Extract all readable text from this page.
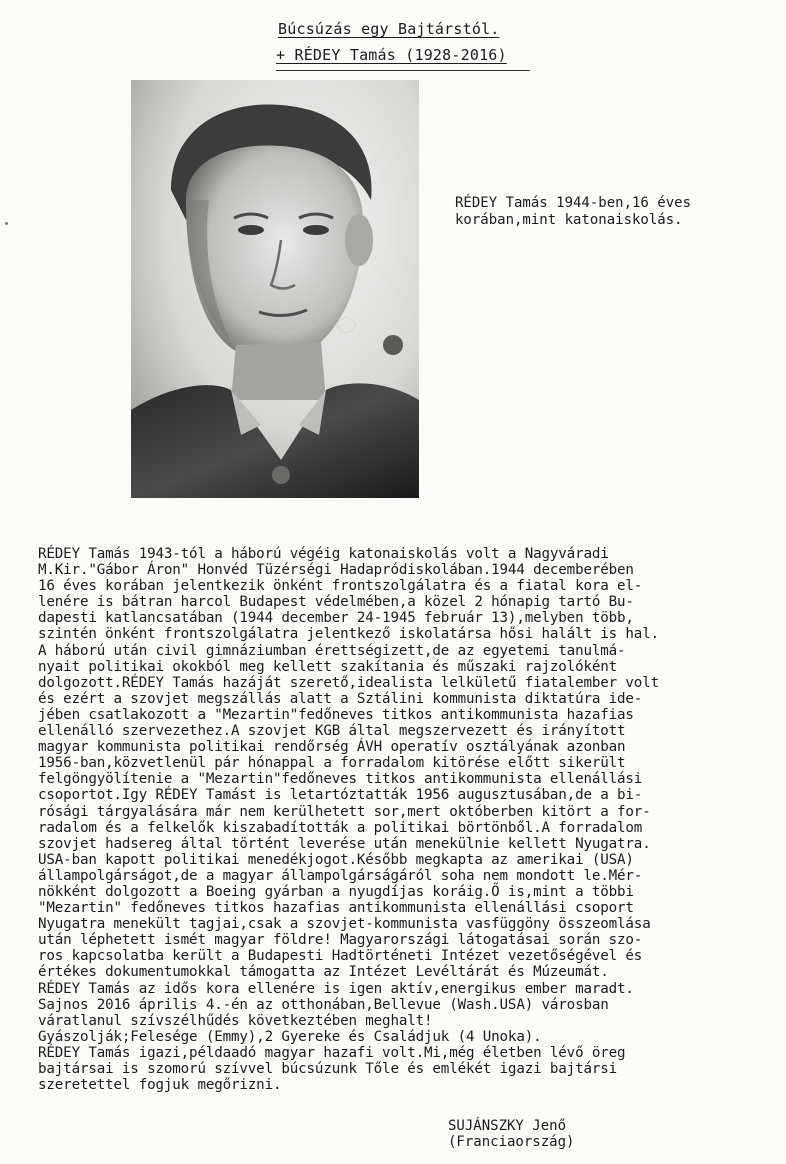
Búcsúzás egy Bajtárstól.
+ RÉDEY Tamás (1928-2016)
RÉDEY Tamás 1944-ben,16 éves
korában,mint katonaiskolás.
RÉDEY Tamás 1943-tól a háború végéig katonaiskolás volt a Nagyváradi
M.Kir."Gábor Áron" Honvéd Tüzérségi Hadapródiskolában.1944 decemberében
16 éves korában jelentkezik önként frontszolgálatra és a fiatal kora el-
lenére is bátran harcol Budapest védelmében,a közel 2 hónapig tartó Bu-
dapesti katlancsatában (1944 december 24-1945 február 13),melyben több,
szintén önként frontszolgálatra jelentkező iskolatársa hősi halált is hal.
A háború után civil gimnáziumban érettségizett,de az egyetemi tanulmá-
nyait politikai okokból meg kellett szakítania és műszaki rajzolóként
dolgozott.RÉDEY Tamás hazáját szerető,idealista lelkületű fiatalember volt
és ezért a szovjet megszállás alatt a Sztálini kommunista diktatúra ide-
jében csatlakozott a "Mezartin"fedőneves titkos antikommunista hazafias
ellenálló szervezethez.A szovjet KGB által megszervezett és irányított
magyar kommunista politikai rendőrség ÁVH operatív osztályának azonban
1956-ban,közvetlenül pár hónappal a forradalom kitörése előtt sikerült
felgöngyölítenie a "Mezartin"fedőneves titkos antikommunista ellenállási
csoportot.Igy RÉDEY Tamást is letartóztatták 1956 augusztusában,de a bi-
rósági tárgyalására már nem kerülhetett sor,mert októberben kitört a for-
radalom és a felkelők kiszabadították a politikai börtönből.A forradalom
szovjet hadsereg által történt leverése után menekülnie kellett Nyugatra.
USA-ban kapott politikai menedékjogot.Később megkapta az amerikai (USA)
állampolgárságot,de a magyar állampolgárságáról soha nem mondott le.Mér-
nökként dolgozott a Boeing gyárban a nyugdíjas koráig.Ő is,mint a többi
"Mezartin" fedőneves titkos hazafias antikommunista ellenállási csoport
Nyugatra menekült tagjai,csak a szovjet-kommunista vasfüggöny összeomlása
után léphetett ismét magyar földre! Magyarországi látogatásai során szo-
ros kapcsolatba került a Budapesti Hadtörténeti Intézet vezetőségével és
értékes dokumentumokkal támogatta az Intézet Levéltárát és Múzeumát.
RÉDEY Tamás az idős kora ellenére is igen aktív,energikus ember maradt.
Sajnos 2016 április 4.-én az otthonában,Bellevue (Wash.USA) városban
váratlanul szívszélhűdés következtében meghalt!
Gyászolják;Felesége (Emmy),2 Gyereke és Családjuk (4 Unoka).
RÉDEY Tamás igazi,példaadó magyar hazafi volt.Mi,még életben lévő öreg
bajtársai is szomorú szívvel búcsúzunk Tőle és emlékét igazi bajtársi
szeretettel fogjuk megőrizni.
SUJÁNSZKY Jenő
(Franciaország)
